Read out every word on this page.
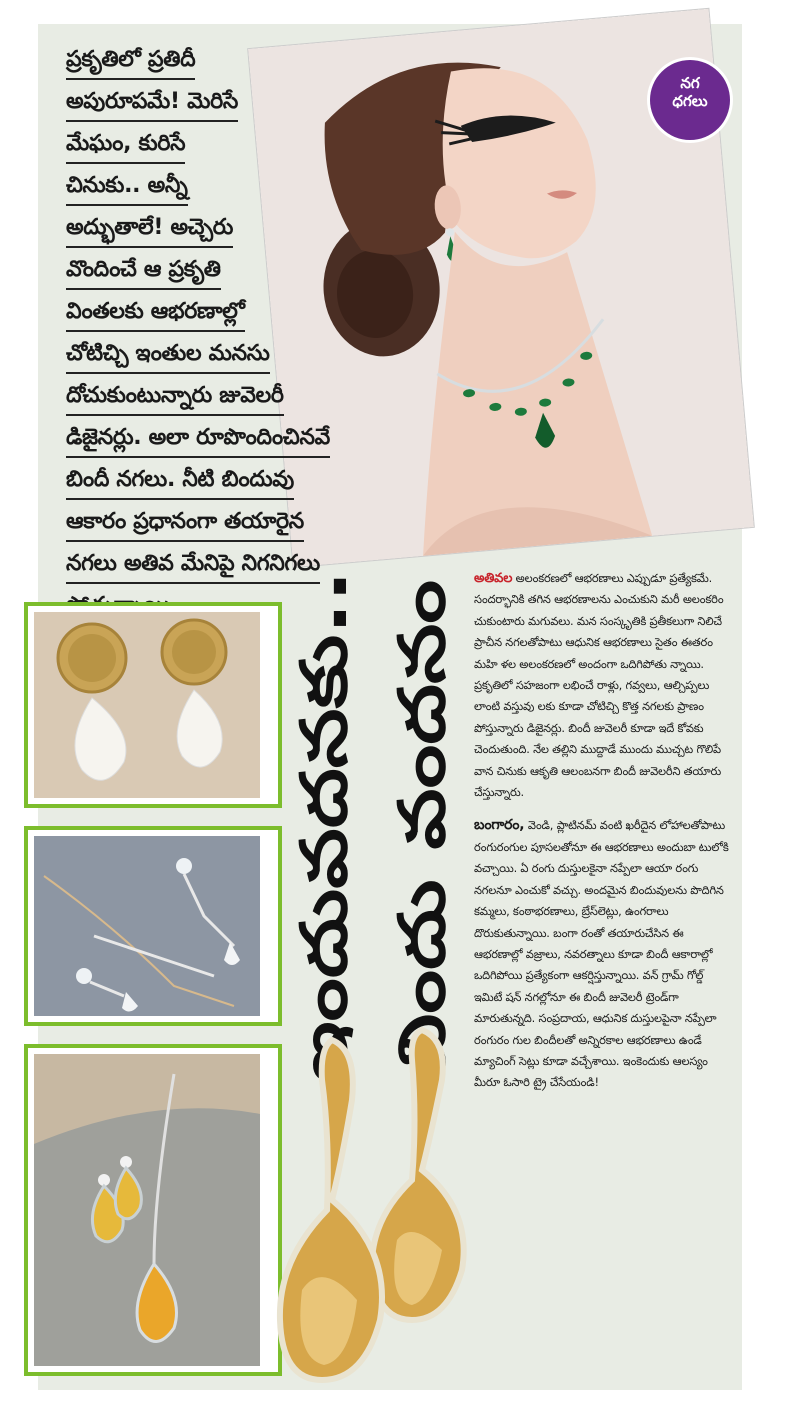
ప్రకృతిలో ప్రతిదీ
అపురూపమే! మెరిసే
మేఘం, కురిసే
చినుకు.. అన్నీ
అద్భుతాలే! అచ్చెరు
వొందించే ఆ ప్రకృతి
వింతలకు ఆభరణాల్లో
చోటిచ్చి ఇంతుల మనసు
దోచుకుంటున్నారు జువెలరీ
డిజైనర్లు. అలా రూపొందించినవే
బిందీ నగలు. నీటి బిందువు
ఆకారం ప్రధానంగా తయారైన
నగలు అతివ మేనిపై నిగనిగలు

నగ
ధగలు
ఇందువదనకు.. బిందు వందనం

అతివల అలంకరణలో ఆభరణాలు ఎప్పుడూ ప్రత్యేకమే. సందర్భానికి తగిన ఆభరణాలను ఎంచుకుని మరీ అలంకరిం చుకుంటారు మగువలు. మన సంస్కృతికి ప్రతీకలుగా నిలిచే ప్రాచీన నగలతోపాటు ఆధునిక ఆభరణాలు సైతం ఈతరం మహి ళల అలంకరణలో అందంగా ఒదిగిపోతు న్నాయి. ప్రకృతిలో సహజంగా లభించే రాళ్లు, గవ్వలు, ఆల్చిప్పలు లాంటి వస్తువు లకు కూడా చోటిచ్చి కొత్త నగలకు ప్రాణం పోస్తున్నారు డిజైనర్లు. బిందీ జువెలరీ కూడా ఇదే కోవకు చెందుతుంది. నేల తల్లిని ముద్దాడే ముందు ముచ్చట గొలిపే వాన చినుకు ఆకృతి ఆలంబనగా బిందీ జువెలరీని తయారు చేస్తున్నారు.

బంగారం, వెండి, ప్లాటినమ్ వంటి ఖరీదైన లోహాలతోపాటు రంగురంగుల పూసలతోనూ ఈ ఆభరణాలు అందుబా టులోకి వచ్చాయి. ఏ రంగు దుస్తులకైనా నప్పేలా ఆయా రంగు నగలనూ ఎంచుకో వచ్చు. అందమైన బిందువులను పొదిగిన కమ్మలు, కంఠాభరణాలు, బ్రేస్‌లెట్లు, ఉంగరాలు దొరుకుతున్నాయి. బంగా రంతో తయారుచేసిన ఈ ఆభరణాల్లో వజ్రాలు, నవరత్నాలు కూడా బిందీ ఆకారాల్లో ఒదిగిపోయి ప్రత్యేకంగా ఆకర్షిస్తున్నాయి. వన్ గ్రామ్ గోల్డ్ ఇమిటే షన్ నగల్లోనూ ఈ బిందీ జువెలరీ ట్రెండ్‌గా మారుతున్నది. సంప్రదాయ, ఆధునిక దుస్తులపైనా నప్పేలా రంగురం గుల బిందీలతో అన్నిరకాల ఆభరణాలు ఉండే మ్యాచింగ్ సెట్లు కూడా వచ్చేశాయి. ఇంకెందుకు ఆలస్యం మీరూ ఓసారి ట్రై చేసేయండి!
